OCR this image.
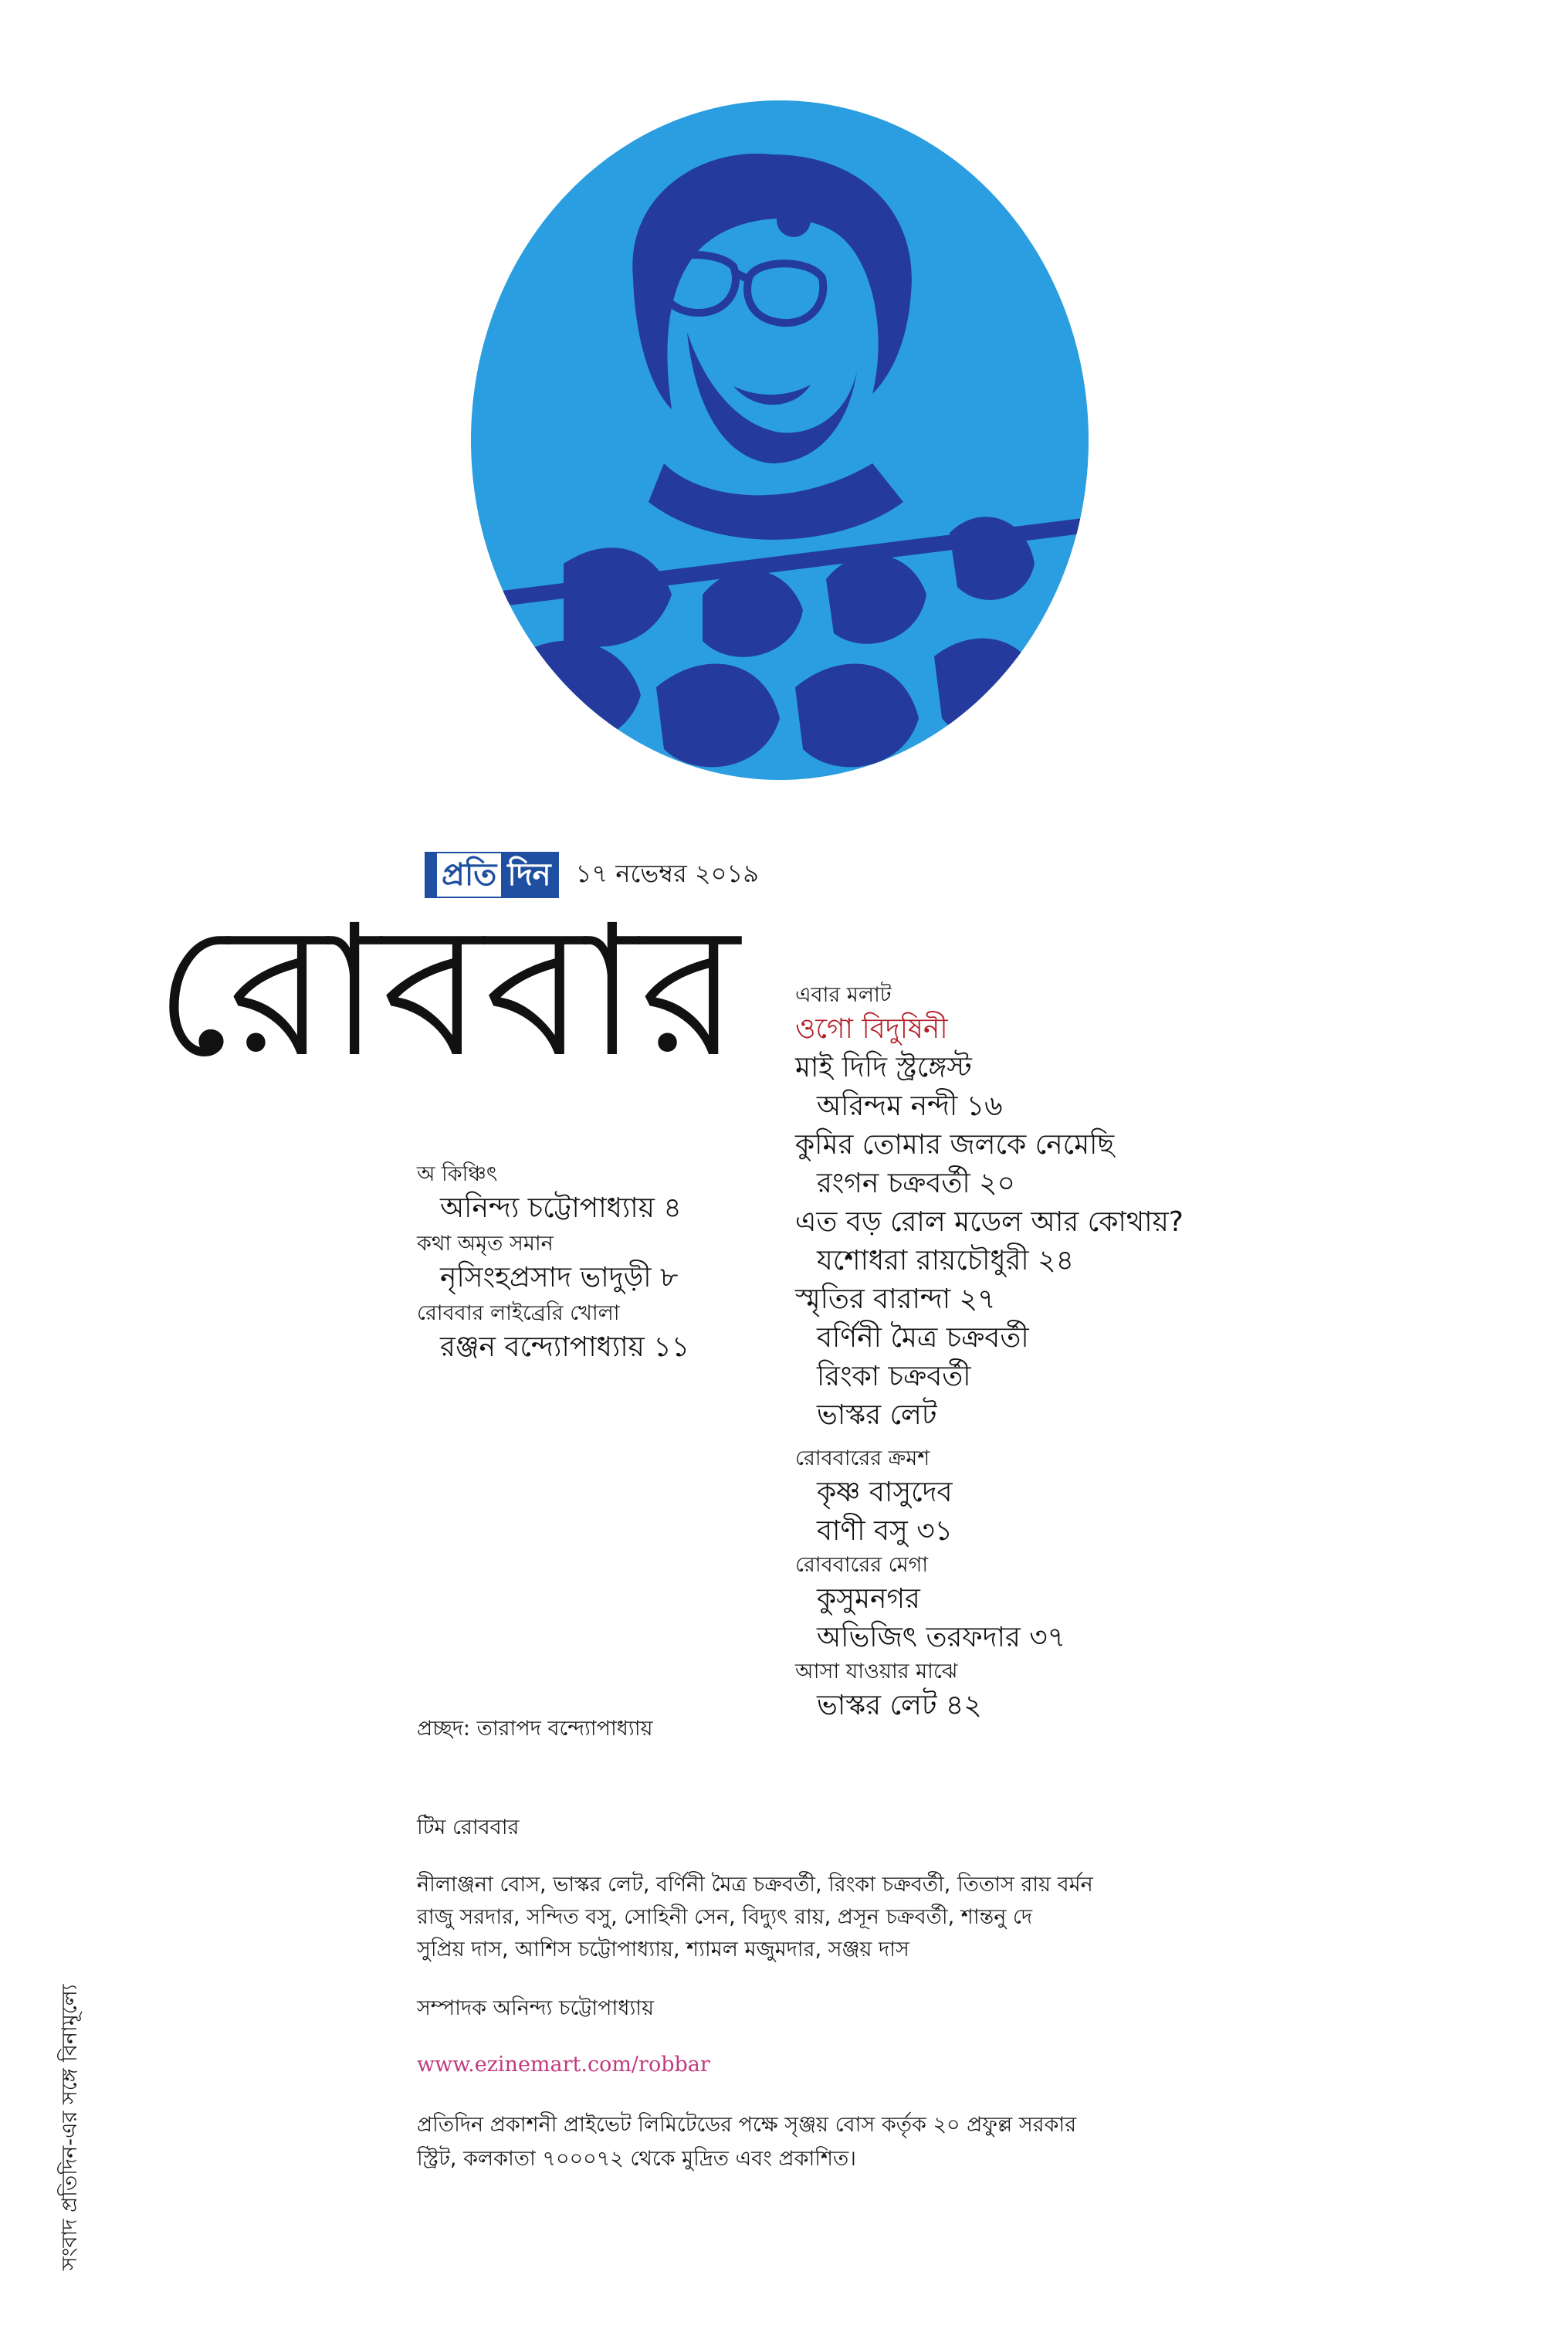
প্রতি দিন ১৭ নভেম্বর ২০১৯
রোববার
অ কিঞ্চিৎ
অনিন্দ্য চট্টোপাধ্যায় ৪
কথা অমৃত সমান
নৃসিংহপ্রসাদ ভাদুড়ী ৮
রোববার লাইব্রেরি খোলা
রঞ্জন বন্দ্যোপাধ্যায় ১১
এবার মলাট
ওগো বিদুষিনী
মাই দিদি স্ট্রঙ্গেস্ট
অরিন্দম নন্দী ১৬
কুমির তোমার জলকে নেমেছি
রংগন চক্রবর্তী ২০
এত বড় রোল মডেল আর কোথায়?
যশোধরা রায়চৌধুরী ২৪
স্মৃতির বারান্দা ২৭
বর্ণিনী মৈত্র চক্রবর্তী
রিংকা চক্রবর্তী
ভাস্কর লেট
রোববারের ক্রমশ
কৃষ্ণ বাসুদেব
বাণী বসু ৩১
রোববারের মেগা
কুসুমনগর
অভিজিৎ তরফদার ৩৭
আসা যাওয়ার মাঝে
ভাস্কর লেট ৪২
প্রচ্ছদ: তারাপদ বন্দ্যোপাধ্যায়
টিম রোববার
নীলাঞ্জনা বোস, ভাস্কর লেট, বর্ণিনী মৈত্র চক্রবর্তী, রিংকা চক্রবর্তী, তিতাস রায় বর্মন
রাজু সরদার, সন্দিত বসু, সোহিনী সেন, বিদ্যুৎ রায়, প্রসূন চক্রবর্তী, শান্তনু দে
সুপ্রিয় দাস, আশিস চট্টোপাধ্যায়, শ্যামল মজুমদার, সঞ্জয় দাস
সম্পাদক অনিন্দ্য চট্টোপাধ্যায়
www.ezinemart.com/robbar
প্রতিদিন প্রকাশনী প্রাইভেট লিমিটেডের পক্ষে সৃঞ্জয় বোস কর্তৃক ২০ প্রফুল্ল সরকার
স্ট্রিট, কলকাতা ৭০০০৭২ থেকে মুদ্রিত এবং প্রকাশিত।
সংবাদ প্রতিদিন-এর সঙ্গে বিনামূল্যে
